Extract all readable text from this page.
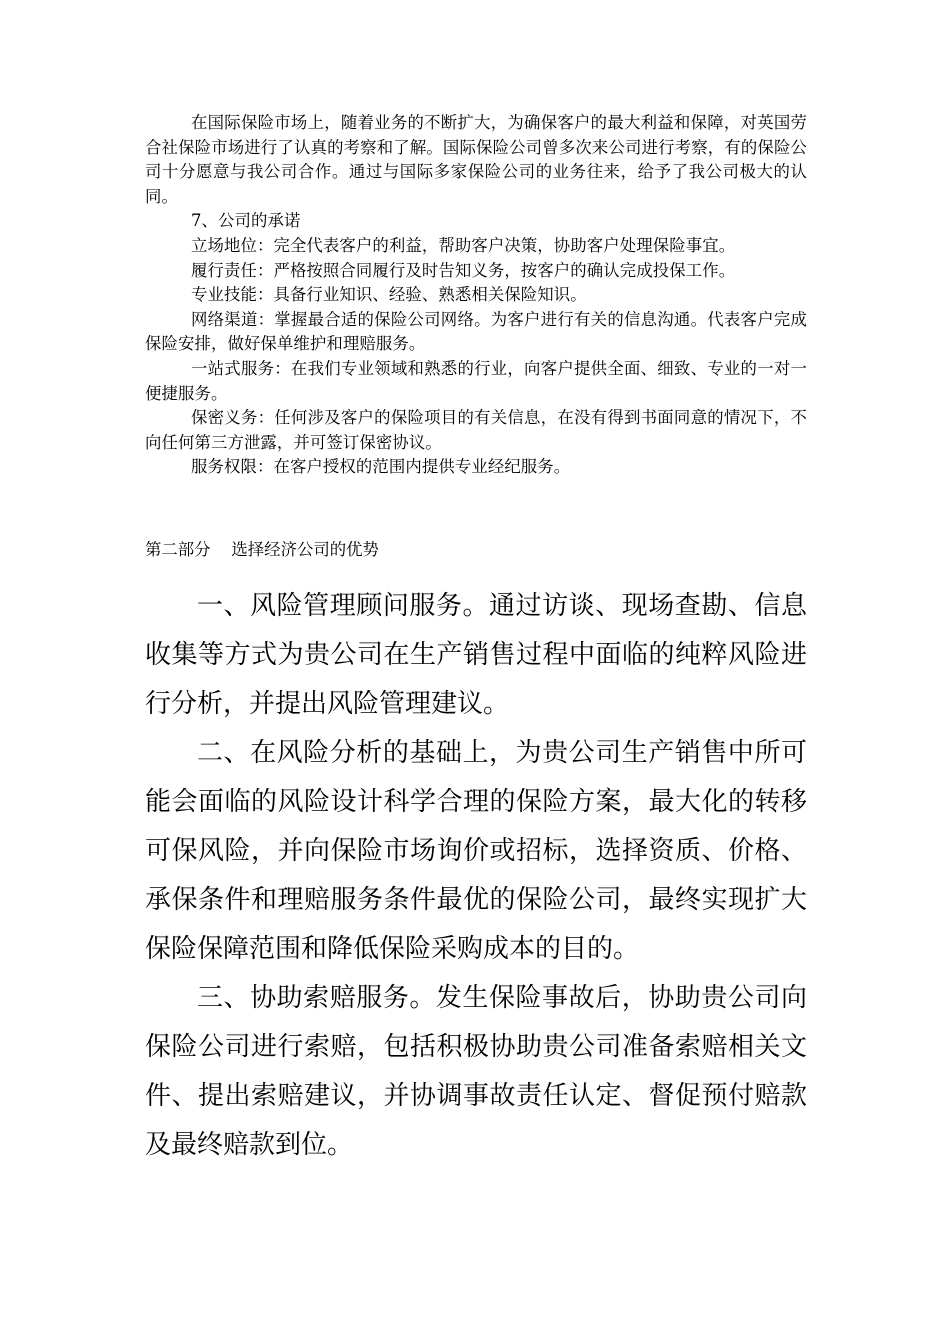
在国际保险市场上，随着业务的不断扩大，为确保客户的最大利益和保障，对英国劳合社保险市场进行了认真的考察和了解。国际保险公司曾多次来公司进行考察，有的保险公司十分愿意与我公司合作。通过与国际多家保险公司的业务往来，给予了我公司极大的认同。

7、公司的承诺

立场地位：完全代表客户的利益，帮助客户决策，协助客户处理保险事宜。

履行责任：严格按照合同履行及时告知义务，按客户的确认完成投保工作。

专业技能：具备行业知识、经验、熟悉相关保险知识。

网络渠道：掌握最合适的保险公司网络。为客户进行有关的信息沟通。代表客户完成保险安排，做好保单维护和理赔服务。

一站式服务：在我们专业领域和熟悉的行业，向客户提供全面、细致、专业的一对一便捷服务。

保密义务：任何涉及客户的保险项目的有关信息，在没有得到书面同意的情况下，不向任何第三方泄露，并可签订保密协议。

服务权限：在客户授权的范围内提供专业经纪服务。

第二部分    选择经济公司的优势

一、风险管理顾问服务。通过访谈、现场查勘、信息收集等方式为贵公司在生产销售过程中面临的纯粹风险进行分析，并提出风险管理建议。

二、在风险分析的基础上，为贵公司生产销售中所可能会面临的风险设计科学合理的保险方案，最大化的转移可保风险，并向保险市场询价或招标，选择资质、价格、承保条件和理赔服务条件最优的保险公司，最终实现扩大保险保障范围和降低保险采购成本的目的。

三、协助索赔服务。发生保险事故后，协助贵公司向保险公司进行索赔，包括积极协助贵公司准备索赔相关文件、提出索赔建议，并协调事故责任认定、督促预付赔款及最终赔款到位。
